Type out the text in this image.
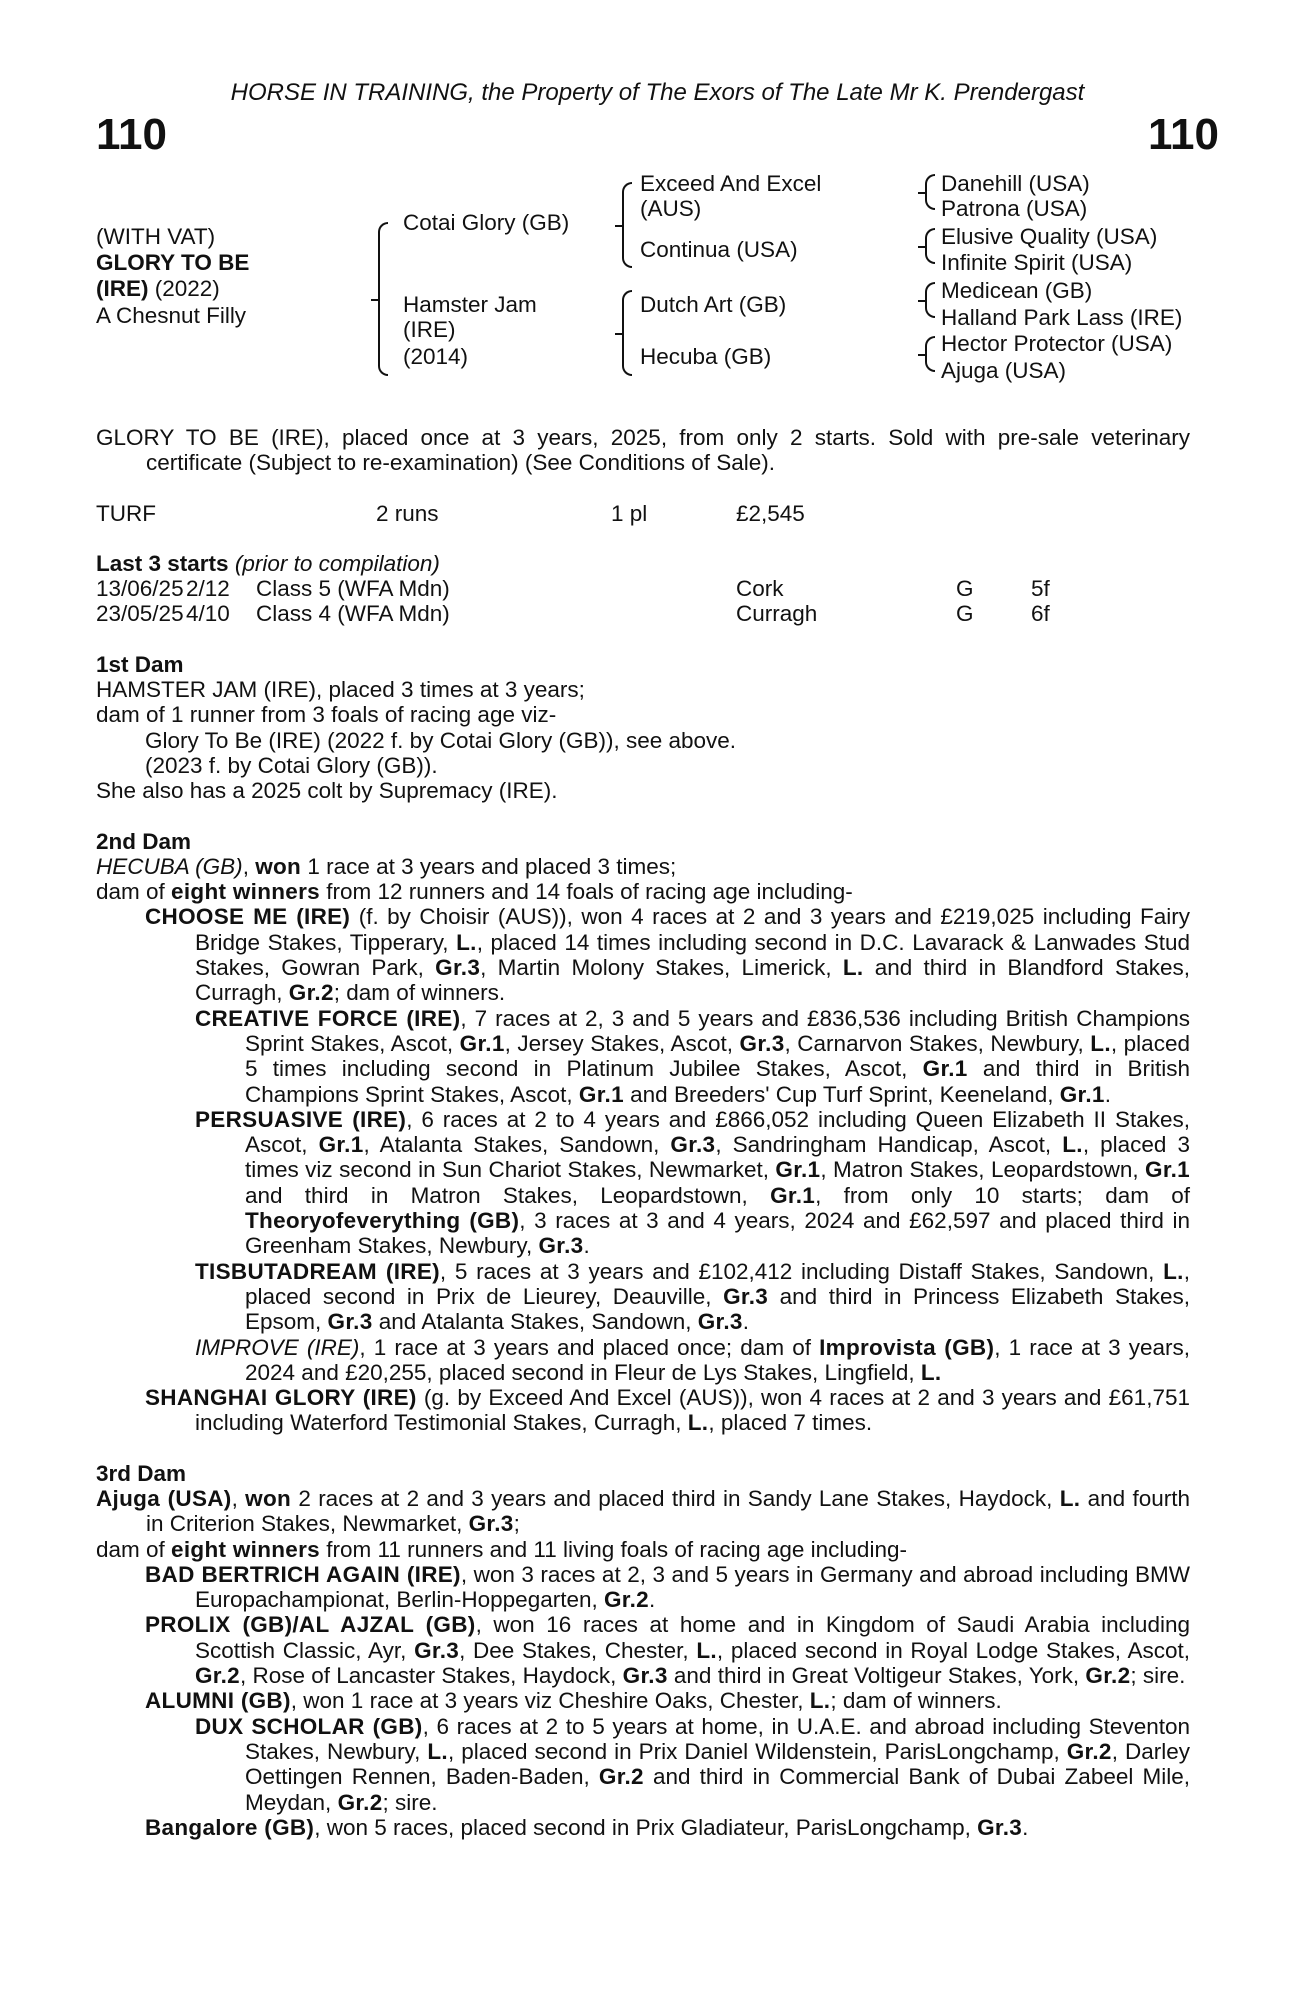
HORSE IN TRAINING, the Property of The Exors of The Late Mr K. Prendergast
110	110
(WITH VAT)
GLORY TO BE
(IRE) (2022)
A Chesnut Filly
Cotai Glory (GB)
Hamster Jam
(IRE)
(2014)
Exceed And Excel
(AUS)
Continua (USA)
Dutch Art (GB)
Hecuba (GB)
Danehill (USA)
Patrona (USA)
Elusive Quality (USA)
Infinite Spirit (USA)
Medicean (GB)
Halland Park Lass (IRE)
Hector Protector (USA)
Ajuga (USA)
GLORY TO BE (IRE), placed once at 3 years, 2025, from only 2 starts. Sold with pre-sale veterinary certificate (Subject to re-examination) (See Conditions of Sale).
TURF	2 runs	1 pl	£2,545
Last 3 starts (prior to compilation)
13/06/25 2/12	Class 5 (WFA Mdn)	Cork	G	5f
23/05/25 4/10	Class 4 (WFA Mdn)	Curragh	G	6f
1st Dam
HAMSTER JAM (IRE), placed 3 times at 3 years;
dam of 1 runner from 3 foals of racing age viz-
Glory To Be (IRE) (2022 f. by Cotai Glory (GB)), see above.
(2023 f. by Cotai Glory (GB)).
She also has a 2025 colt by Supremacy (IRE).
2nd Dam
HECUBA (GB), won 1 race at 3 years and placed 3 times;
dam of eight winners from 12 runners and 14 foals of racing age including-
CHOOSE ME (IRE) (f. by Choisir (AUS)), won 4 races at 2 and 3 years and £219,025 including Fairy Bridge Stakes, Tipperary, L., placed 14 times including second in D.C. Lavarack & Lanwades Stud Stakes, Gowran Park, Gr.3, Martin Molony Stakes, Limerick, L. and third in Blandford Stakes, Curragh, Gr.2; dam of winners.
CREATIVE FORCE (IRE), 7 races at 2, 3 and 5 years and £836,536 including British Champions Sprint Stakes, Ascot, Gr.1, Jersey Stakes, Ascot, Gr.3, Carnarvon Stakes, Newbury, L., placed 5 times including second in Platinum Jubilee Stakes, Ascot, Gr.1 and third in British Champions Sprint Stakes, Ascot, Gr.1 and Breeders' Cup Turf Sprint, Keeneland, Gr.1.
PERSUASIVE (IRE), 6 races at 2 to 4 years and £866,052 including Queen Elizabeth II Stakes, Ascot, Gr.1, Atalanta Stakes, Sandown, Gr.3, Sandringham Handicap, Ascot, L., placed 3 times viz second in Sun Chariot Stakes, Newmarket, Gr.1, Matron Stakes, Leopardstown, Gr.1 and third in Matron Stakes, Leopardstown, Gr.1, from only 10 starts; dam of Theoryofeverything (GB), 3 races at 3 and 4 years, 2024 and £62,597 and placed third in Greenham Stakes, Newbury, Gr.3.
TISBUTADREAM (IRE), 5 races at 3 years and £102,412 including Distaff Stakes, Sandown, L., placed second in Prix de Lieurey, Deauville, Gr.3 and third in Princess Elizabeth Stakes, Epsom, Gr.3 and Atalanta Stakes, Sandown, Gr.3.
IMPROVE (IRE), 1 race at 3 years and placed once; dam of Improvista (GB), 1 race at 3 years, 2024 and £20,255, placed second in Fleur de Lys Stakes, Lingfield, L.
SHANGHAI GLORY (IRE) (g. by Exceed And Excel (AUS)), won 4 races at 2 and 3 years and £61,751 including Waterford Testimonial Stakes, Curragh, L., placed 7 times.
3rd Dam
Ajuga (USA), won 2 races at 2 and 3 years and placed third in Sandy Lane Stakes, Haydock, L. and fourth in Criterion Stakes, Newmarket, Gr.3;
dam of eight winners from 11 runners and 11 living foals of racing age including-
BAD BERTRICH AGAIN (IRE), won 3 races at 2, 3 and 5 years in Germany and abroad including BMW Europachampionat, Berlin-Hoppegarten, Gr.2.
PROLIX (GB)/AL AJZAL (GB), won 16 races at home and in Kingdom of Saudi Arabia including Scottish Classic, Ayr, Gr.3, Dee Stakes, Chester, L., placed second in Royal Lodge Stakes, Ascot, Gr.2, Rose of Lancaster Stakes, Haydock, Gr.3 and third in Great Voltigeur Stakes, York, Gr.2; sire.
ALUMNI (GB), won 1 race at 3 years viz Cheshire Oaks, Chester, L.; dam of winners.
DUX SCHOLAR (GB), 6 races at 2 to 5 years at home, in U.A.E. and abroad including Steventon Stakes, Newbury, L., placed second in Prix Daniel Wildenstein, ParisLongchamp, Gr.2, Darley Oettingen Rennen, Baden-Baden, Gr.2 and third in Commercial Bank of Dubai Zabeel Mile, Meydan, Gr.2; sire.
Bangalore (GB), won 5 races, placed second in Prix Gladiateur, ParisLongchamp, Gr.3.
